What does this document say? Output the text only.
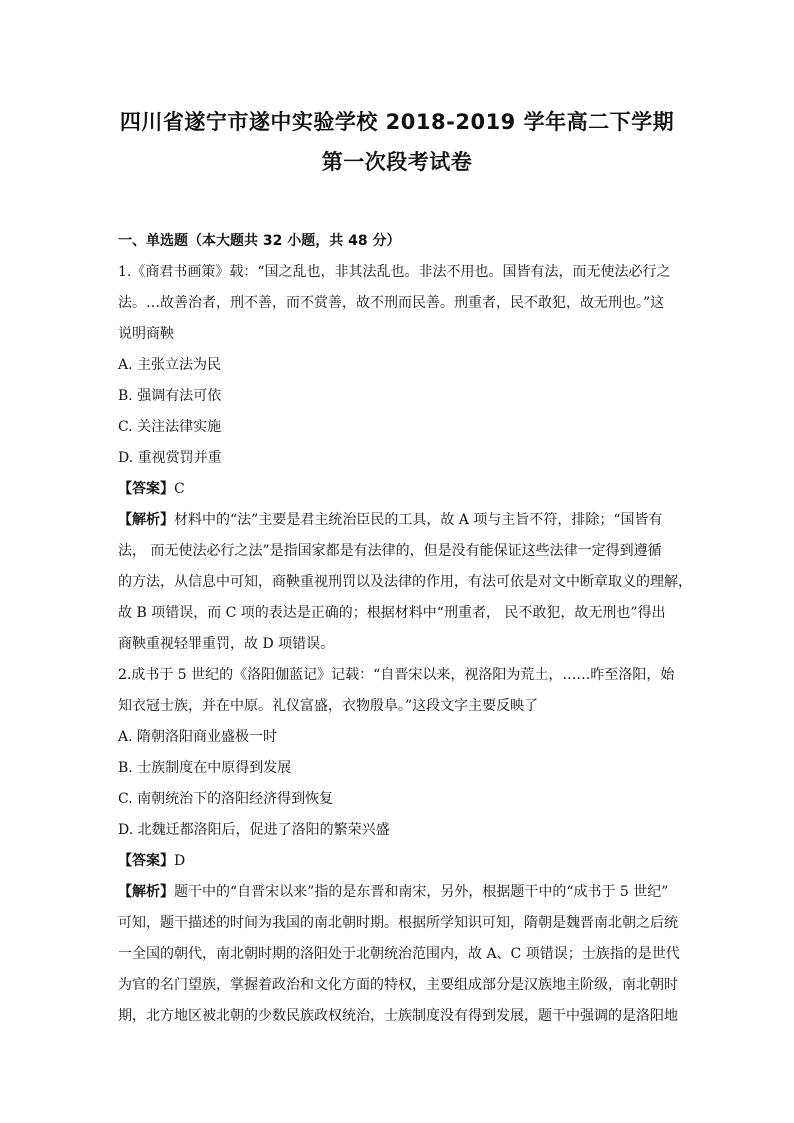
四川省遂宁市遂中实验学校 2018-2019 学年高二下学期
第一次段考试卷
一、单选题（本大题共 32 小题，共 48 分）
1.《商君书画策》载：“国之乱也，非其法乱也。非法不用也。国皆有法，而无使法必行之
法。…故善治者，刑不善，而不赏善，故不刑而民善。刑重者，民不敢犯，故无刑也。”这
说明商鞅
A. 主张立法为民
B. 强调有法可依
C. 关注法律实施
D. 重视赏罚并重
【答案】C
【解析】材料中的“法”主要是君主统治臣民的工具，故 A 项与主旨不符，排除；“国皆有
法， 而无使法必行之法”是指国家都是有法律的，但是没有能保证这些法律一定得到遵循
的方法，从信息中可知，商鞅重视刑罚以及法律的作用，有法可依是对文中断章取义的理解，
故 B 项错误，而 C 项的表达是正确的；根据材料中“刑重者， 民不敢犯，故无刑也”得出
商鞅重视轻罪重罚，故 D 项错误。
2.成书于 5 世纪的《洛阳伽蓝记》记载：“自晋宋以来，视洛阳为荒土，……昨至洛阳，始
知衣冠士族，并在中原。礼仪富盛，衣物殷阜。”这段文字主要反映了
A. 隋朝洛阳商业盛极一时
B. 士族制度在中原得到发展
C. 南朝统治下的洛阳经济得到恢复
D. 北魏迁都洛阳后，促进了洛阳的繁荣兴盛
【答案】D
【解析】题干中的“自晋宋以来”指的是东晋和南宋，另外，根据题干中的“成书于 5 世纪”
可知，题干描述的时间为我国的南北朝时期。根据所学知识可知，隋朝是魏晋南北朝之后统
一全国的朝代，南北朝时期的洛阳处于北朝统治范围内，故 A、C 项错误；士族指的是世代
为官的名门望族，掌握着政治和文化方面的特权，主要组成部分是汉族地主阶级，南北朝时
期，北方地区被北朝的少数民族政权统治，士族制度没有得到发展，题干中强调的是洛阳地
